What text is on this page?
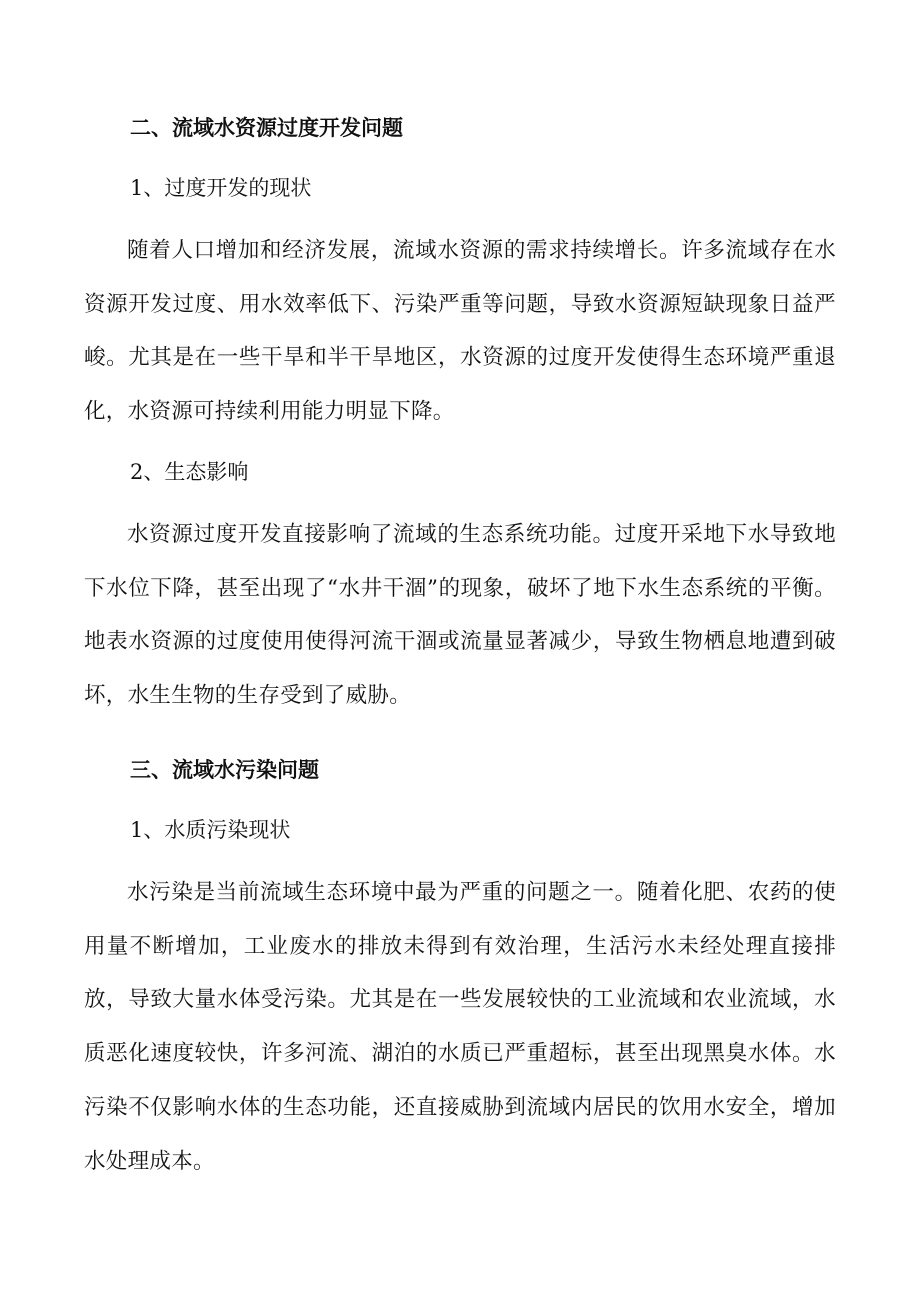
二、流域水资源过度开发问题

1、过度开发的现状

随着人口增加和经济发展，流域水资源的需求持续增长。许多流域存在水资源开发过度、用水效率低下、污染严重等问题，导致水资源短缺现象日益严峻。尤其是在一些干旱和半干旱地区，水资源的过度开发使得生态环境严重退化，水资源可持续利用能力明显下降。

2、生态影响

水资源过度开发直接影响了流域的生态系统功能。过度开采地下水导致地下水位下降，甚至出现了“水井干涸”的现象，破坏了地下水生态系统的平衡。地表水资源的过度使用使得河流干涸或流量显著减少，导致生物栖息地遭到破坏，水生生物的生存受到了威胁。

三、流域水污染问题

1、水质污染现状

水污染是当前流域生态环境中最为严重的问题之一。随着化肥、农药的使用量不断增加，工业废水的排放未得到有效治理，生活污水未经处理直接排放，导致大量水体受污染。尤其是在一些发展较快的工业流域和农业流域，水质恶化速度较快，许多河流、湖泊的水质已严重超标，甚至出现黑臭水体。水污染不仅影响水体的生态功能，还直接威胁到流域内居民的饮用水安全，增加水处理成本。
